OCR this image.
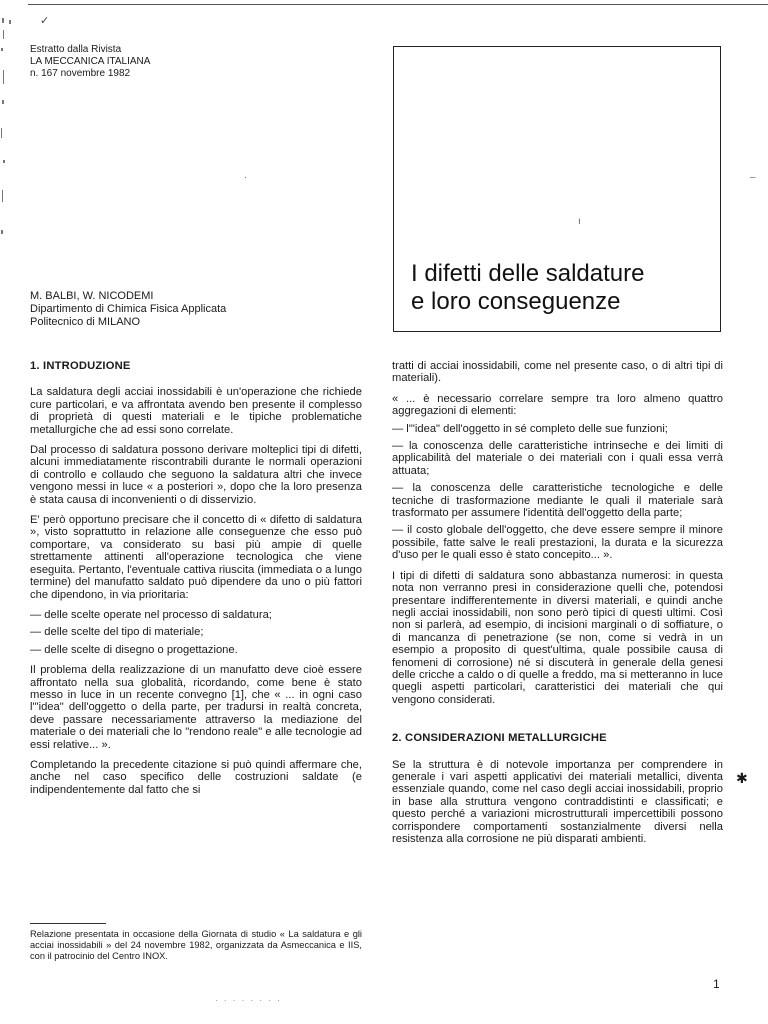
✓
·
ı
–
Estratto dalla Rivista
LA MECCANICA ITALIANA
n. 167 novembre 1982
I difetti delle saldature
e loro conseguenze
M. BALBI, W. NICODEMI
Dipartimento di Chimica Fisica Applicata
Politecnico di MILANO
1. INTRODUZIONE

La saldatura degli acciai inossidabili è un'operazione che richiede cure particolari, e va affrontata avendo ben presente il complesso di proprietà di questi materiali e le tipiche problematiche metallurgiche che ad essi sono correlate.

Dal processo di saldatura possono derivare molteplici tipi di difetti, alcuni immediatamente riscontrabili durante le normali operazioni di controllo e collaudo che seguono la saldatura altri che invece vengono messi in luce « a posteriori », dopo che la loro presenza è stata causa di inconvenienti o di disservizio.

E' però opportuno precisare che il concetto di « difetto di saldatura », visto soprattutto in relazione alle conseguenze che esso può comportare, va considerato su basi più ampie di quelle strettamente attinenti all'operazione tecnologica che viene eseguita. Pertanto, l'eventuale cattiva riuscita (immediata o a lungo termine) del manufatto saldato può dipendere da uno o più fattori che dipendono, in via prioritaria:

— delle scelte operate nel processo di saldatura;
— delle scelte del tipo di materiale;
— delle scelte di disegno o progettazione.

Il problema della realizzazione di un manufatto deve cioè essere affrontato nella sua globalità, ricordando, come bene è stato messo in luce in un recente convegno [1], che « ... in ogni caso l'"idea" dell'oggetto o della parte, per tradursi in realtà concreta, deve passare necessariamente attraverso la mediazione del materiale o dei materiali che lo "rendono reale" e alle tecnologie ad essi relative... ».

Completando la precedente citazione si può quindi affermare che, anche nel caso specifico delle costruzioni saldate (e indipendentemente dal fatto che si

tratti di acciai inossidabili, come nel presente caso, o di altri tipi di materiali).

« ... è necessario correlare sempre tra loro almeno quattro aggregazioni di elementi:

— l'"idea" dell'oggetto in sé completo delle sue funzioni;
— la conoscenza delle caratteristiche intrinseche e dei limiti di applicabilità del materiale o dei materiali con i quali essa verrà attuata;
— la conoscenza delle caratteristiche tecnologiche e delle tecniche di trasformazione mediante le quali il materiale sarà trasformato per assumere l'identità dell'oggetto della parte;
— il costo globale dell'oggetto, che deve essere sempre il minore possibile, fatte salve le reali prestazioni, la durata e la sicurezza d'uso per le quali esso è stato concepito... ».

I tipi di difetti di saldatura sono abbastanza numerosi: in questa nota non verranno presi in considerazione quelli che, potendosi presentare indifferentemente in diversi materiali, e quindi anche negli acciai inossidabili, non sono però tipici di questi ultimi. Così non si parlerà, ad esempio, di incisioni marginali o di soffiature, o di mancanza di penetrazione (se non, come si vedrà in un esempio a proposito di quest'ultima, quale possibile causa di fenomeni di corrosione) né si discuterà in generale della genesi delle cricche a caldo o di quelle a freddo, ma si metteranno in luce quegli aspetti particolari, caratteristici dei materiali che qui vengono considerati.

2. CONSIDERAZIONI METALLURGICHE

Se la struttura è di notevole importanza per comprendere in generale i vari aspetti applicativi dei materiali metallici, diventa essenziale quando, come nel caso degli acciai inossidabili, proprio in base alla struttura vengono contraddistinti e classificati; e questo perché a variazioni microstrutturali impercettibili possono corrispondere comportamenti sostanzialmente diversi nella resistenza alla corrosione ne più disparati ambienti.

✱
Relazione presentata in occasione della Giornata di studio « La saldatura e gli acciai inossidabili » del 24 novembre 1982, organizzata da Asmeccanica e IIS, con il patrocinio del Centro INOX.
1
· · · · · · · ·
